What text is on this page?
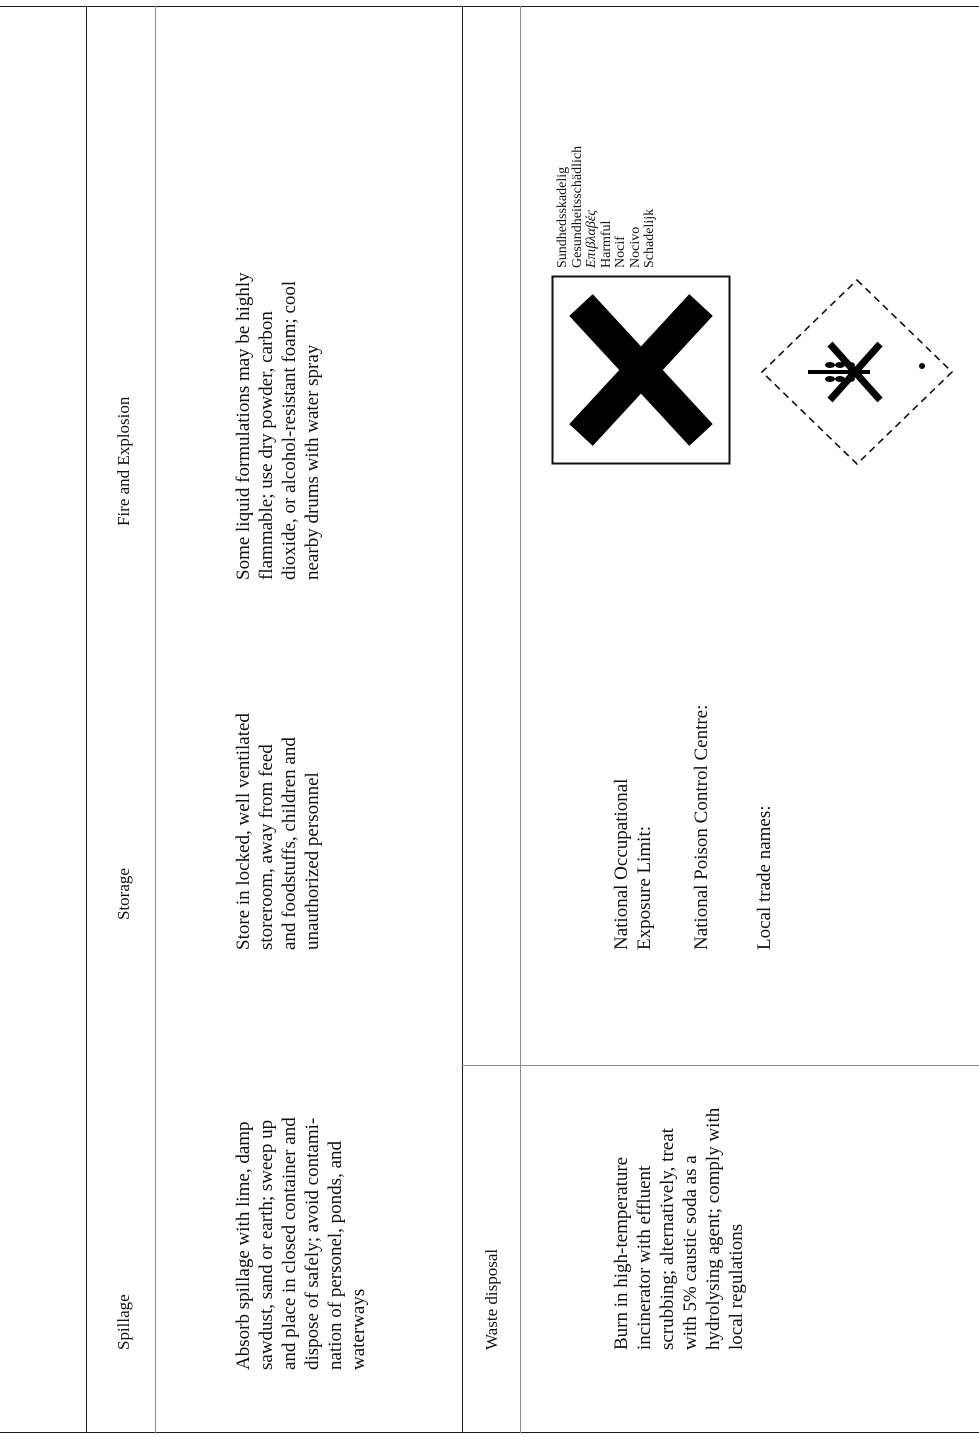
Spillage
Storage
Fire and Explosion
Absorb spillage with lime, damp sawdust, sand or earth; sweep up and place in closed container and dispose of safely; avoid contami- nation of personel, ponds, and waterways
Store in locked, well ventilated storeroom, away from feed and foodstuffs, children and unauthorized personnel
Some liquid formulations may be highly flammable; use dry powder, carbon dioxide, or alcohol-resistant foam; cool nearby drums with water spray
Waste disposal	Burn in high-temperature incinerator with effluent scrubbing; alternatively, treat with 5% caustic soda as a hydrolysing agent; comply with local regulations
National Occupational Exposure Limit: National Poison Control Centre: Local trade names:
Sundhedsskadelig Gesundheitsschädlich Επιβλαβές Harmful Nocif Nocivo Schadelijk
